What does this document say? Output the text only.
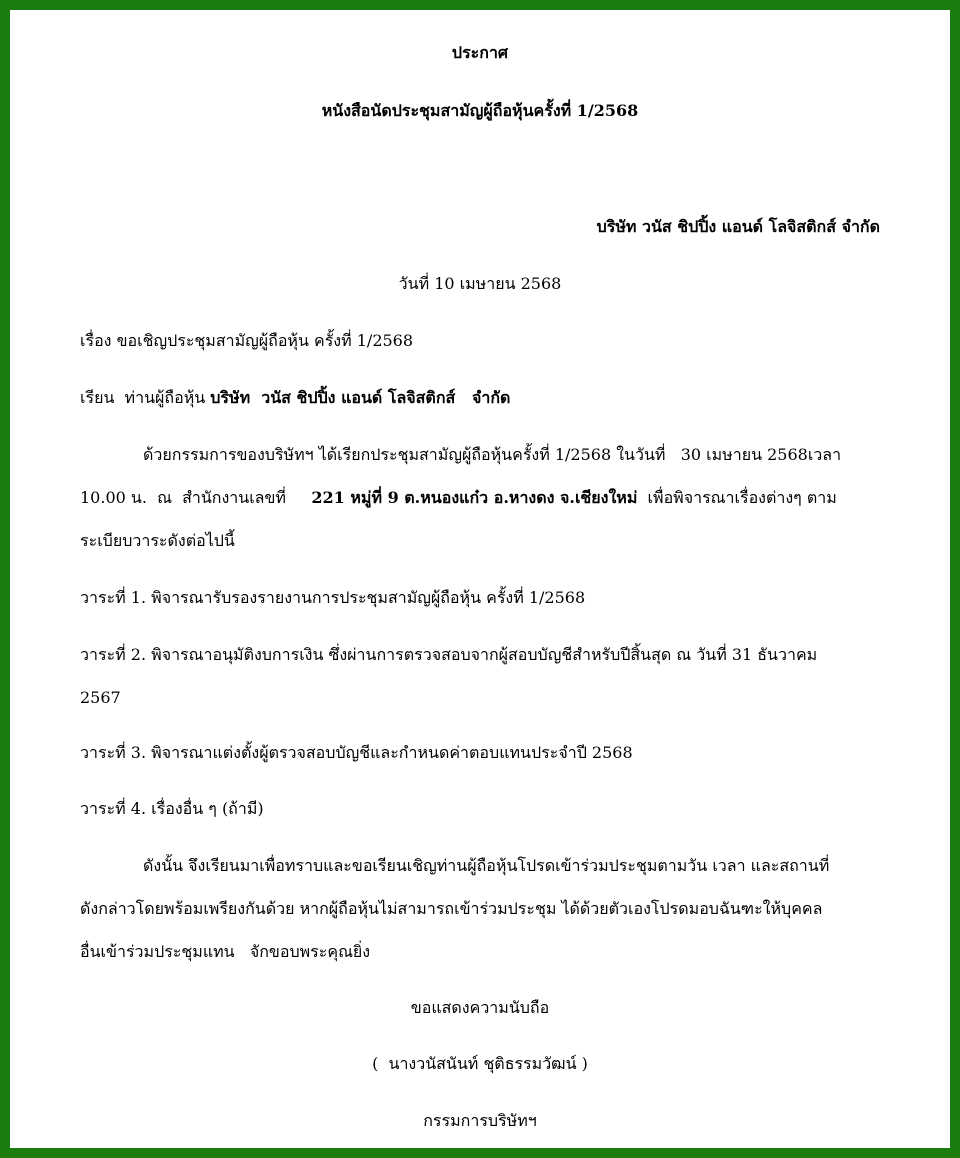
ประกาศ
หนังสือนัดประชุมสามัญผู้ถือหุ้นครั้งที่ 1/2568
บริษัท วนัส ชิปปิ้ง แอนด์ โลจิสติกส์ จำกัด
วันที่ 10 เมษายน 2568
เรื่อง ขอเชิญประชุมสามัญผู้ถือหุ้น ครั้งที่ 1/2568
เรียน  ท่านผู้ถือหุ้น บริษัท  วนัส ชิปปิ้ง แอนด์ โลจิสติกส์   จำกัด
ด้วยกรรมการของบริษัทฯ ได้เรียกประชุมสามัญผู้ถือหุ้นครั้งที่ 1/2568 ในวันที่   30 เมษายน 2568เวลา
10.00 น.  ณ  สำนักงานเลขที่     221 หมู่ที่ 9 ต.หนองแก๋ว อ.หางดง จ.เชียงใหม่  เพื่อพิจารณาเรื่องต่างๆ ตาม
ระเบียบวาระดังต่อไปนี้
วาระที่ 1. พิจารณารับรองรายงานการประชุมสามัญผู้ถือหุ้น ครั้งที่ 1/2568
วาระที่ 2. พิจารณาอนุมัติงบการเงิน ซึ่งผ่านการตรวจสอบจากผู้สอบบัญชีสำหรับปีสิ้นสุด ณ วันที่ 31 ธันวาคม
2567
วาระที่ 3. พิจารณาแต่งตั้งผู้ตรวจสอบบัญชีและกำหนดค่าตอบแทนประจำปี 2568
วาระที่ 4. เรื่องอื่น ๆ (ถ้ามี)
ดังนั้น จึงเรียนมาเพื่อทราบและขอเรียนเชิญท่านผู้ถือหุ้นโปรดเข้าร่วมประชุมตามวัน เวลา และสถานที่
ดังกล่าวโดยพร้อมเพรียงกันด้วย หากผู้ถือหุ้นไม่สามารถเข้าร่วมประชุม ได้ด้วยตัวเองโปรดมอบฉันฑะให้บุคคล
อื่นเข้าร่วมประชุมแทน   จักขอบพระคุณยิ่ง
ขอแสดงความนับถือ
(  นางวนัสนันท์ ชุติธรรมวัฒน์ )
กรรมการบริษัทฯ
